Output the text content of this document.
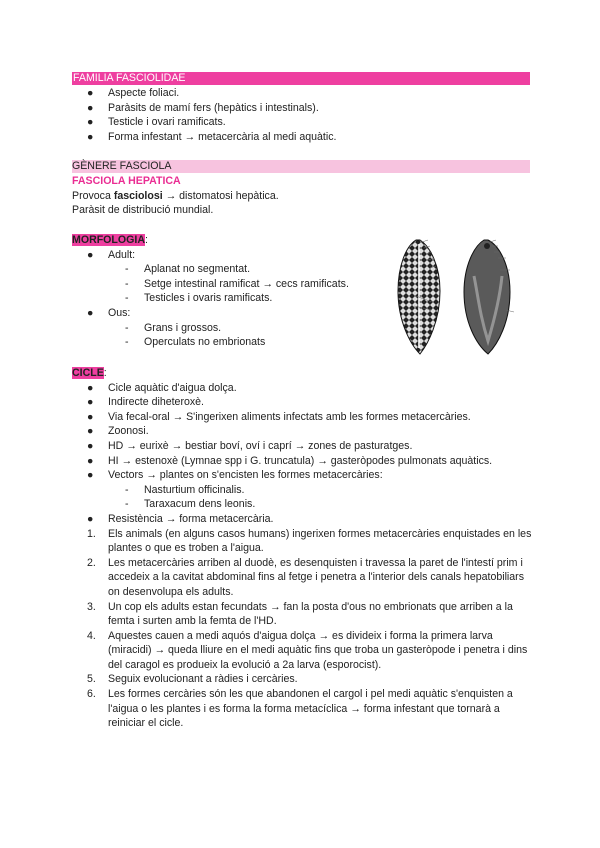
FAMILIA FASCIOLIDAE
● Aspecte foliaci.
● Paràsits de mamí fers (hepàtics i intestinals).
● Testicle i ovari ramificats.
● Forma infestant → metacercària al medi aquàtic.
GÈNERE FASCIOLA
FASCIOLA HEPATICA
Provoca fasciolosi → distomatosi hepàtica.
Paràsit de distribució mundial.
MORFOLOGIA:
● Adult:
- Aplanat no segmentat.
- Setge intestinal ramificat → cecs ramificats.
- Testicles i ovaris ramificats.
● Ous:
- Grans i grossos.
- Operculats no embrionats
CICLE:
● Cicle aquàtic d'aigua dolça.
● Indirecte diheteroxè.
● Via fecal-oral → S'ingerixen aliments infectats amb les formes metacercàries.
● Zoonosi.
● HD → eurixè → bestiar boví, oví i caprí → zones de pasturatges.
● HI → estenoxè (Lymnae spp i G. truncatula) → gasteròpodes pulmonats aquàtics.
● Vectors → plantes on s'encisten les formes metacercàries:
- Nasturtium officinalis.
- Taraxacum dens leonis.
● Resistència → forma metacercària.
1. Els animals (en alguns casos humans) ingerixen formes metacercàries enquistades en les plantes o que es troben a l'aigua.
2. Les metacercàries arriben al duodè, es desenquisten i travessa la paret de l'intestí prim i accedeix a la cavitat abdominal fins al fetge i penetra a l'interior dels canals hepatobiliars on desenvolupa els adults.
3. Un cop els adults estan fecundats → fan la posta d'ous no embrionats que arriben a la femta i surten amb la femta de l'HD.
4. Aquestes cauen a medi aquós d'aigua dolça → es divideix i forma la primera larva (miracidi) → queda lliure en el medi aquàtic fins que troba un gasteròpode i penetra i dins del caragol es produeix la evolució a 2a larva (esporocist).
5. Seguix evolucionant a ràdies i cercàries.
6. Les formes cercàries són les que abandonen el cargol i pel medi aquàtic s'enquisten a l'aigua o les plantes i es forma la forma metacíclica → forma infestant que tornarà a reiniciar el cicle.
